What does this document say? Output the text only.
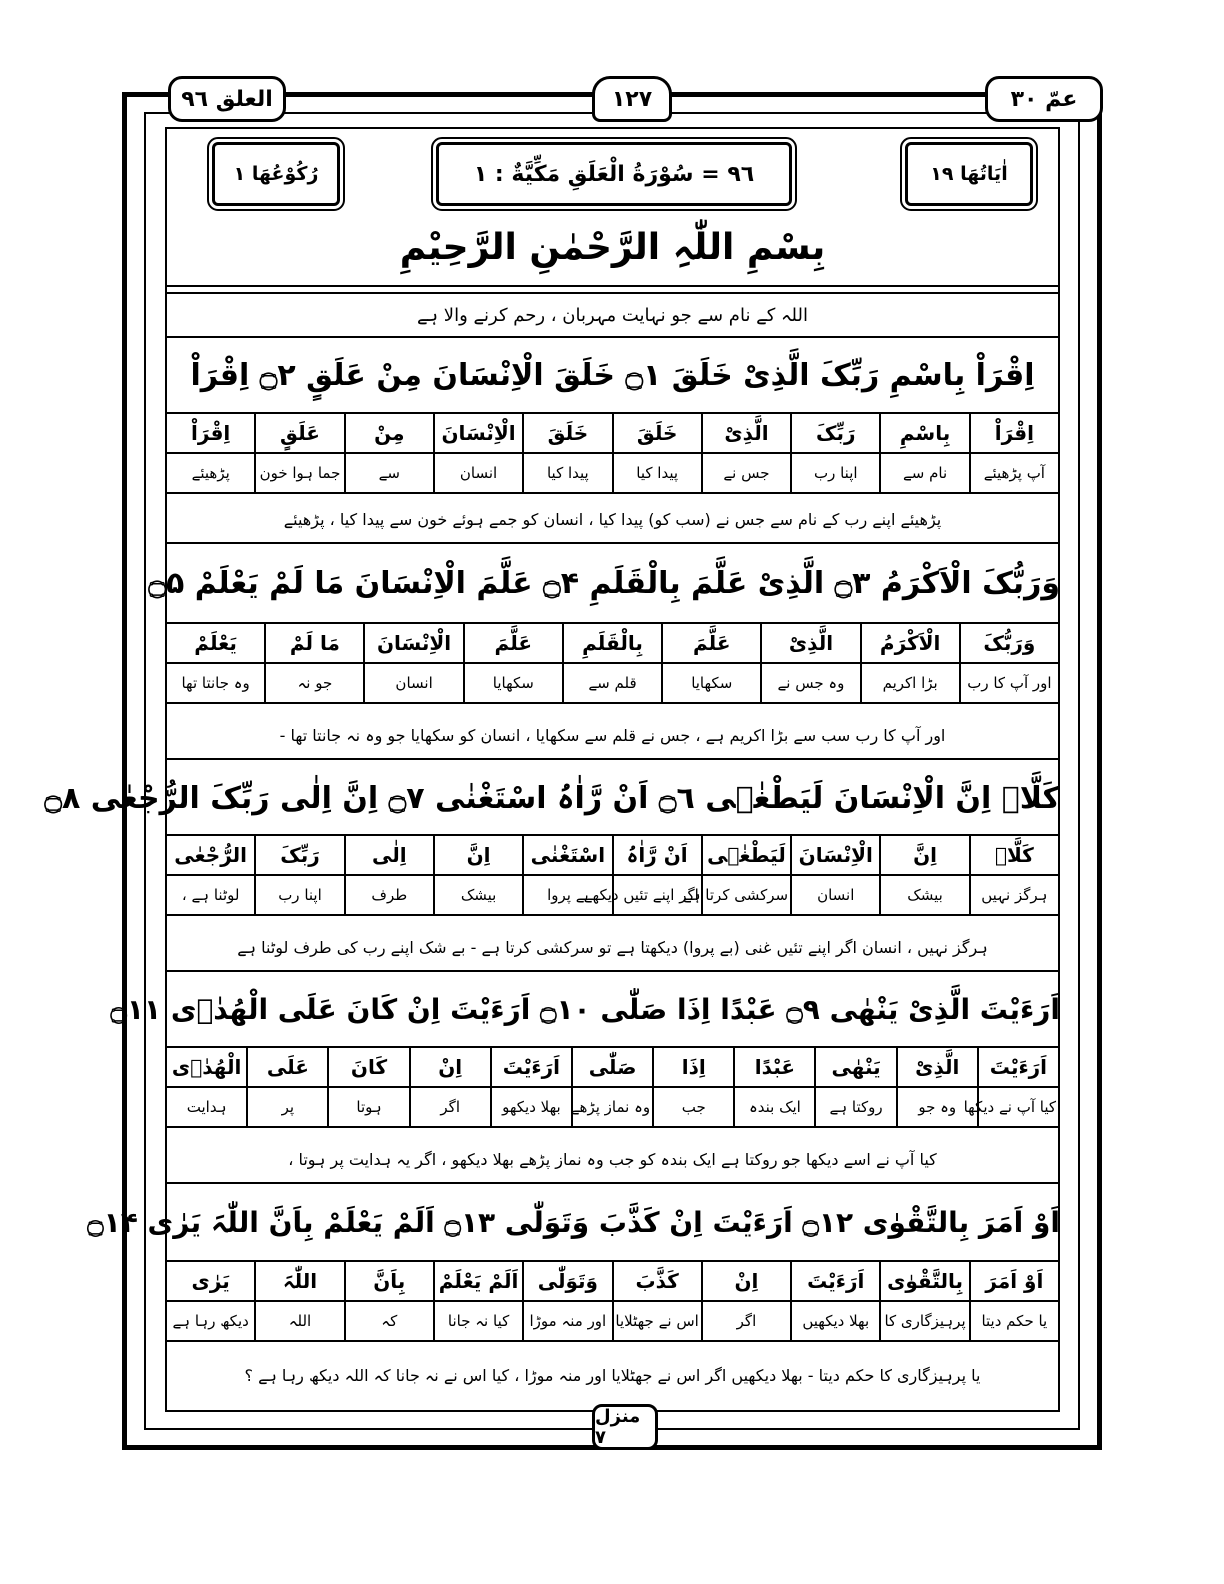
عمّ ۳۰
۱۲۷
العلق ۹٦
اٰیَاتُھَا ۱۹
۹٦ = سُوْرَةُ الْعَلَقِ مَکِّیَّةٌ : ۱
رُکُوْعُھَا ۱
بِسْمِ اللّٰہِ الرَّحْمٰنِ الرَّحِیْمِ
اللہ کے نام سے جو نہایت مہربان ، رحم کرنے والا ہے
اِقْرَاْ بِاسْمِ رَبِّکَ الَّذِیْ خَلَقَ ۝۱ خَلَقَ الْاِنْسَانَ مِنْ عَلَقٍ ۝۲ اِقْرَاْ
اِقْرَاْ	بِاسْمِ	رَبِّکَ	الَّذِیْ	خَلَقَ	خَلَقَ	الْاِنْسَانَ	مِنْ	عَلَقٍ	اِقْرَاْ
آپ پڑھیئے	نام سے	اپنا رب	جس نے	پیدا کیا	پیدا کیا	انسان	سے	جما ہوا خون	پڑھیئے
پڑھیئے اپنے رب کے نام سے جس نے (سب کو) پیدا کیا ، انسان کو جمے ہوئے خون سے پیدا کیا ، پڑھیئے
وَرَبُّکَ الْاَکْرَمُ ۝۳ الَّذِیْ عَلَّمَ بِالْقَلَمِ ۝۴ عَلَّمَ الْاِنْسَانَ مَا لَمْ یَعْلَمْ ۝۵
وَرَبُّکَ	الْاَکْرَمُ	الَّذِیْ	عَلَّمَ	بِالْقَلَمِ	عَلَّمَ	الْاِنْسَانَ	مَا لَمْ	یَعْلَمْ
اور آپ کا رب	بڑا اکریم	وہ جس نے	سکھایا	قلم سے	سکھایا	انسان	جو نہ	وہ جانتا تھا
اور آپ کا رب سب سے بڑا اکریم ہے ، جس نے قلم سے سکھایا ، انسان کو سکھایا جو وہ نہ جانتا تھا -
کَلَّاۤ اِنَّ الْاِنْسَانَ لَیَطْغٰۤی ۝٦ اَنْ رَّاٰہُ اسْتَغْنٰی ۝۷ اِنَّ اِلٰی رَبِّکَ الرُّجْعٰی ۝۸
کَلَّاۤ	اِنَّ	الْاِنْسَانَ	لَیَطْغٰۤی	اَنْ رَّاٰہُ	اسْتَغْنٰی	اِنَّ	اِلٰی	رَبِّکَ	الرُّجْعٰی
ہرگز نہیں	بیشک	انسان	سرکشی کرتا ہے	اگر اپنے تئیں دیکھے	بے پروا	بیشک	طرف	اپنا رب	لوٹنا ہے ،
ہرگز نہیں ، انسان اگر اپنے تئیں غنی (بے پروا) دیکھتا ہے تو سرکشی کرتا ہے - بے شک اپنے رب کی طرف لوٹنا ہے
اَرَءَیْتَ الَّذِیْ یَنْھٰی ۝۹ عَبْدًا اِذَا صَلّٰی ۝۱۰ اَرَءَیْتَ اِنْ کَانَ عَلَی الْھُدٰۤی ۝۱۱
اَرَءَیْتَ	الَّذِیْ	یَنْھٰی	عَبْدًا	اِذَا	صَلّٰی	اَرَءَیْتَ	اِنْ	کَانَ	عَلَی	الْھُدٰۤی
کیا آپ نے دیکھا	وہ جو	روکتا ہے	ایک بندہ	جب	وہ نماز پڑھے	بھلا دیکھو	اگر	ہوتا	پر	ہدایت
کیا آپ نے اسے دیکھا جو روکتا ہے ایک بندہ کو جب وہ نماز پڑھے بھلا دیکھو ، اگر یہ ہدایت پر ہوتا ،
اَوْ اَمَرَ بِالتَّقْوٰی ۝۱۲ اَرَءَیْتَ اِنْ کَذَّبَ وَتَوَلّٰی ۝۱۳ اَلَمْ یَعْلَمْ بِاَنَّ اللّٰہَ یَرٰی ۝۱۴
اَوْ اَمَرَ	بِالتَّقْوٰی	اَرَءَیْتَ	اِنْ	کَذَّبَ	وَتَوَلّٰی	اَلَمْ یَعْلَمْ	بِاَنَّ	اللّٰہَ	یَرٰی
یا حکم دیتا	پرہیزگاری کا	بھلا دیکھیں	اگر	اس نے جھٹلایا	اور منہ موڑا	کیا نہ جانا	کہ	اللہ	دیکھ رہا ہے
یا پرہیزگاری کا حکم دیتا - بھلا دیکھیں اگر اس نے جھٹلایا اور منہ موڑا ، کیا اس نے نہ جانا کہ اللہ دیکھ رہا ہے ؟
منزل ۷
